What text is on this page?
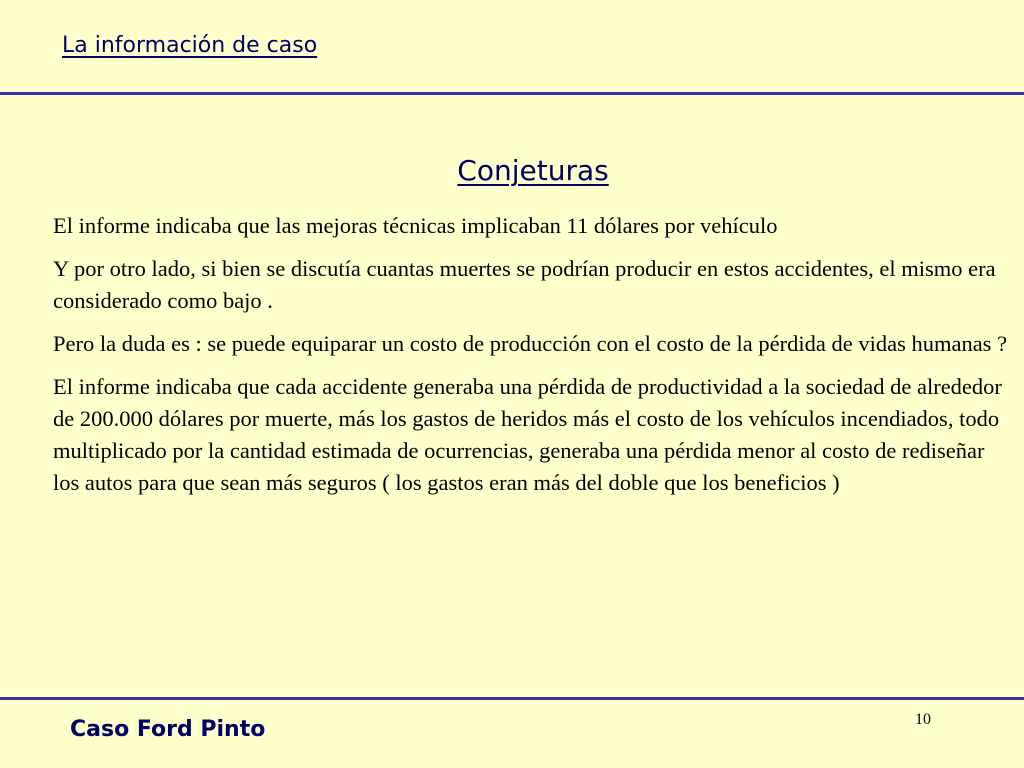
La información de caso
Conjeturas

El informe indicaba que las mejoras técnicas implicaban 11 dólares por vehículo

Y por otro lado, si bien se discutía cuantas muertes se podrían producir en estos accidentes, el mismo era considerado como bajo .

Pero la duda es : se puede equiparar un costo de producción con el costo de la pérdida de vidas humanas ?

El informe indicaba que cada accidente generaba una pérdida de productividad a la sociedad de alrededor de 200.000 dólares por muerte, más los gastos de heridos más el costo de los vehículos incendiados, todo multiplicado por la cantidad estimada de ocurrencias, generaba una pérdida menor al costo de rediseñar los autos para que sean más seguros ( los gastos eran más del doble que los beneficios )

Caso Ford Pinto	10
